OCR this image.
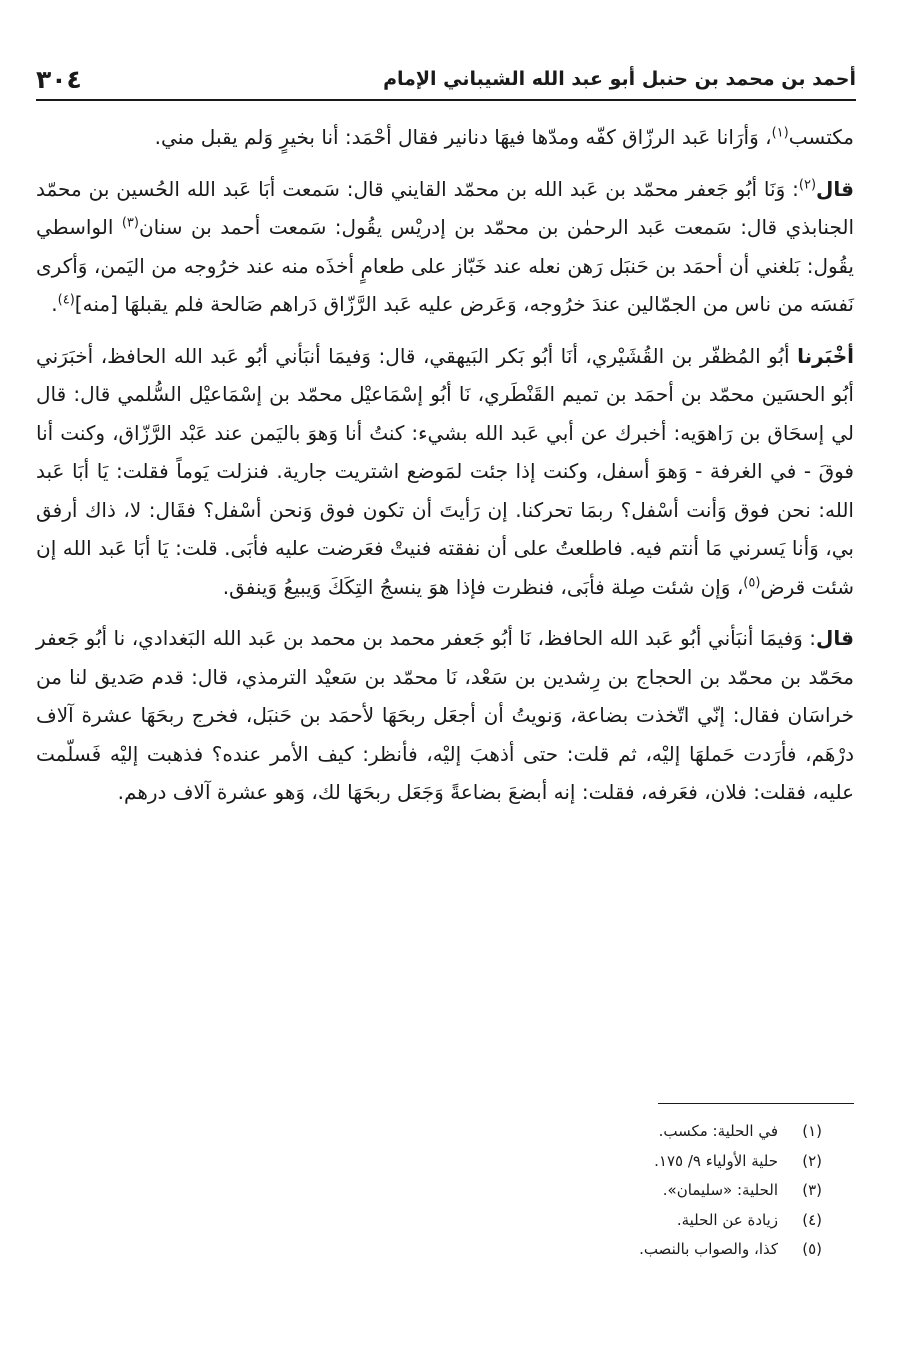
٣٠٤	أحمد بن محمد بن حنبل أبو عبد الله الشيباني الإمام

مكتسب$^{(١)}$، وَأرَانا عَبد الرزّاق كفّه ومدّها فيهَا دنانير فقال أحْمَد: أنا بخيرٍ وَلم يقبل مني.

قال$^{(٢)}$: وَنَا أبُو جَعفر محمّد بن عَبد الله بن محمّد القايني قال: سَمعت أبَا عَبد الله الحُسين بن محمّد الجنابذي قال: سَمعت عَبد الرحمٰن بن محمّد بن إدريْس يقُول: سَمعت أحمد بن سنان$^{(٣)}$ الواسطي يقُول: بَلغني أن أحمَد بن حَنبَل رَهن نعله عند خَبّاز على طعامٍ أخذَه منه عند خرُوجه من اليَمن، وَأكرى نَفسَه من ناس من الجمّالين عندَ خرُوجه، وَعَرض عليه عَبد الرَّزّاق دَراهم صَالحة فلم يقبلهَا [منه]$^{(٤)}$.

أخْبَرنا أبُو المُظفّر بن القُشَيْري، أنَا أبُو بَكر البَيهقي، قال: وَفيمَا أنبَأني أبُو عَبد الله الحافظ، أخبَرَني أبُو الحسَين محمّد بن أحمَد بن تميم القَنْطَري، نَا أبُو إسْمَاعيْل محمّد بن إسْمَاعيْل السُّلمي قال: قال لي إسحَاق بن رَاهوَيه: أخبرك عن أبي عَبد الله بشيء: كنتُ أنا وَهوَ باليَمن عند عَبْد الرَّزّاق، وكنت أنا فوقَ - في الغرفة - وَهوَ أسفل، وكنت إذا جئت لمَوضع اشتريت جارية. فنزلت يَوماً فقلت: يَا أبَا عَبد الله: نحن فوق وَأنت أسْفل؟ ربمَا تحركنا. إن رَأيتَ أن تكون فوق وَنحن أسْفل؟ فقَال: لا، ذاك أرفق بي، وَأنا يَسرني مَا أنتم فيه. فاطلعتُ على أن نفقته فنيتْ فعَرضت عليه فأبَى. قلت: يَا أبَا عَبد الله إن شئت قرض$^{(٥)}$، وَإن شئت صِلة فأبَى، فنظرت فإذا هوَ ينسجُ التِكَكَ وَيبيعُ وَينفق.

قال: وَفيمَا أنبَأني أبُو عَبد الله الحافظ، نَا أبُو جَعفر محمد بن محمد بن عَبد الله البَغدادي، نا أبُو جَعفر محَمّد بن محمّد بن الحجاج بن رِشدين بن سَعْد، نَا محمّد بن سَعيْد الترمذي، قال: قدم صَديق لنا من خراسَان فقال: إنّي اتّخذت بضاعة، وَنويتُ أن أجعَل ربحَهَا لأحمَد بن حَنبَل، فخرج ربحَهَا عشرة آلاف درْهَم، فأرَدت حَملهَا إليْه، ثم قلت: حتى أذهبَ إليْه، فأنظر: كيف الأمر عنده؟ فذهبت إليْه فَسلّمت عليه، فقلت: فلان، فعَرفه، فقلت: إنه أبضعَ بضاعةً وَجَعَل ربحَهَا لك، وَهو عشرة آلاف درهم.

(١)
في الحلية: مكسب.
(٢)
حلية الأولياء ٩/ ١٧٥.
(٣)
الحلية: «سليمان».
(٤)
زيادة عن الحلية.
(٥)
كذا، والصواب بالنصب.
